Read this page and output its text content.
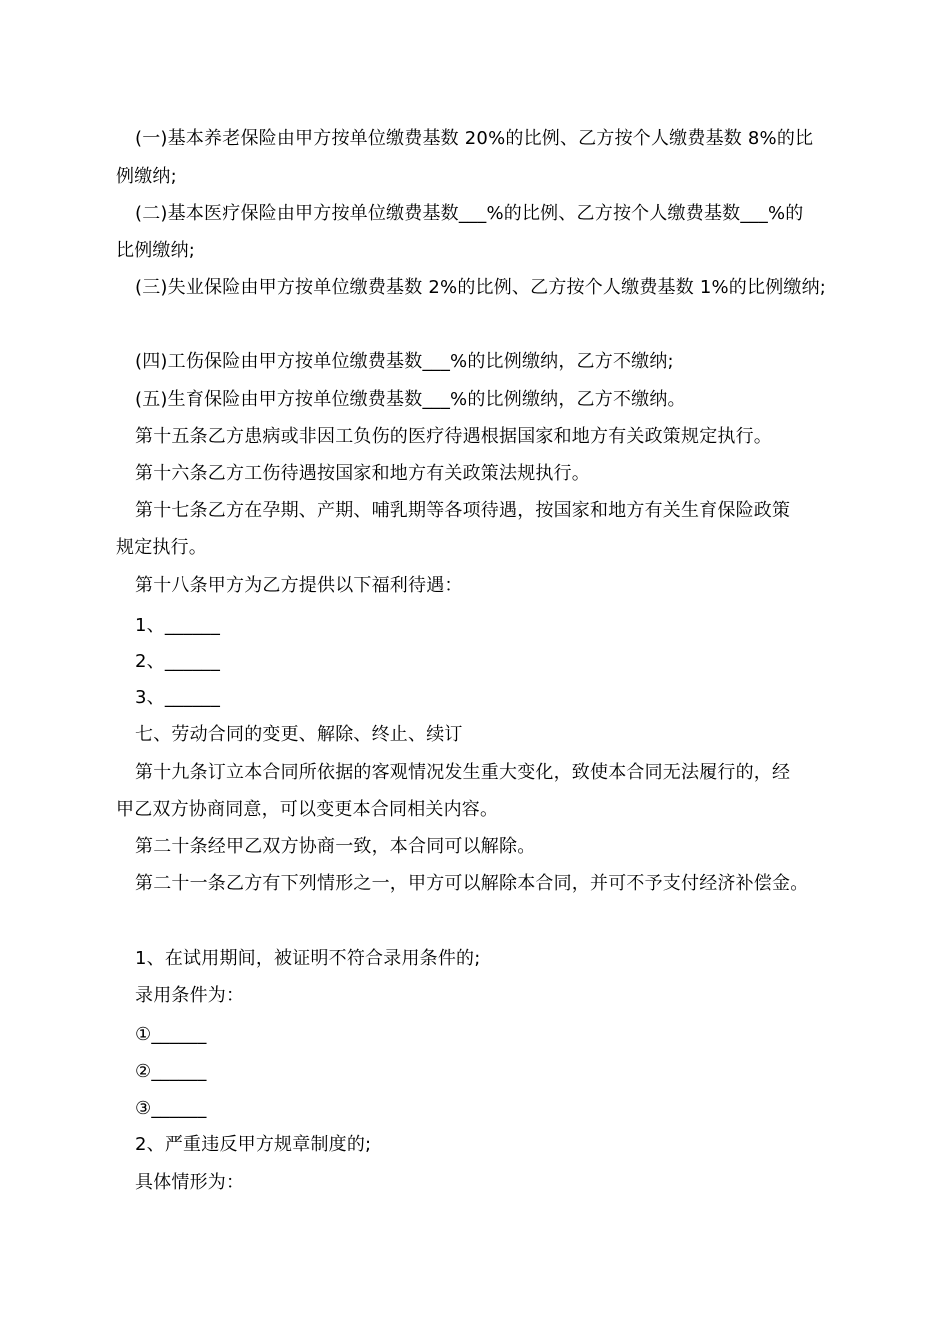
(一)基本养老保险由甲方按单位缴费基数 20%的比例、乙方按个人缴费基数 8%的比
例缴纳;
(二)基本医疗保险由甲方按单位缴费基数___%的比例、乙方按个人缴费基数___%的
比例缴纳;
(三)失业保险由甲方按单位缴费基数 2%的比例、乙方按个人缴费基数 1%的比例缴纳;
(四)工伤保险由甲方按单位缴费基数___%的比例缴纳，乙方不缴纳;
(五)生育保险由甲方按单位缴费基数___%的比例缴纳，乙方不缴纳。
第十五条乙方患病或非因工负伤的医疗待遇根据国家和地方有关政策规定执行。
第十六条乙方工伤待遇按国家和地方有关政策法规执行。
第十七条乙方在孕期、产期、哺乳期等各项待遇，按国家和地方有关生育保险政策
规定执行。
第十八条甲方为乙方提供以下福利待遇：
1、______
2、______
3、______
七、劳动合同的变更、解除、终止、续订
第十九条订立本合同所依据的客观情况发生重大变化，致使本合同无法履行的，经
甲乙双方协商同意，可以变更本合同相关内容。
第二十条经甲乙双方协商一致，本合同可以解除。
第二十一条乙方有下列情形之一，甲方可以解除本合同，并可不予支付经济补偿金。
1、在试用期间，被证明不符合录用条件的;
录用条件为：
①______
②______
③______
2、严重违反甲方规章制度的;
具体情形为：
